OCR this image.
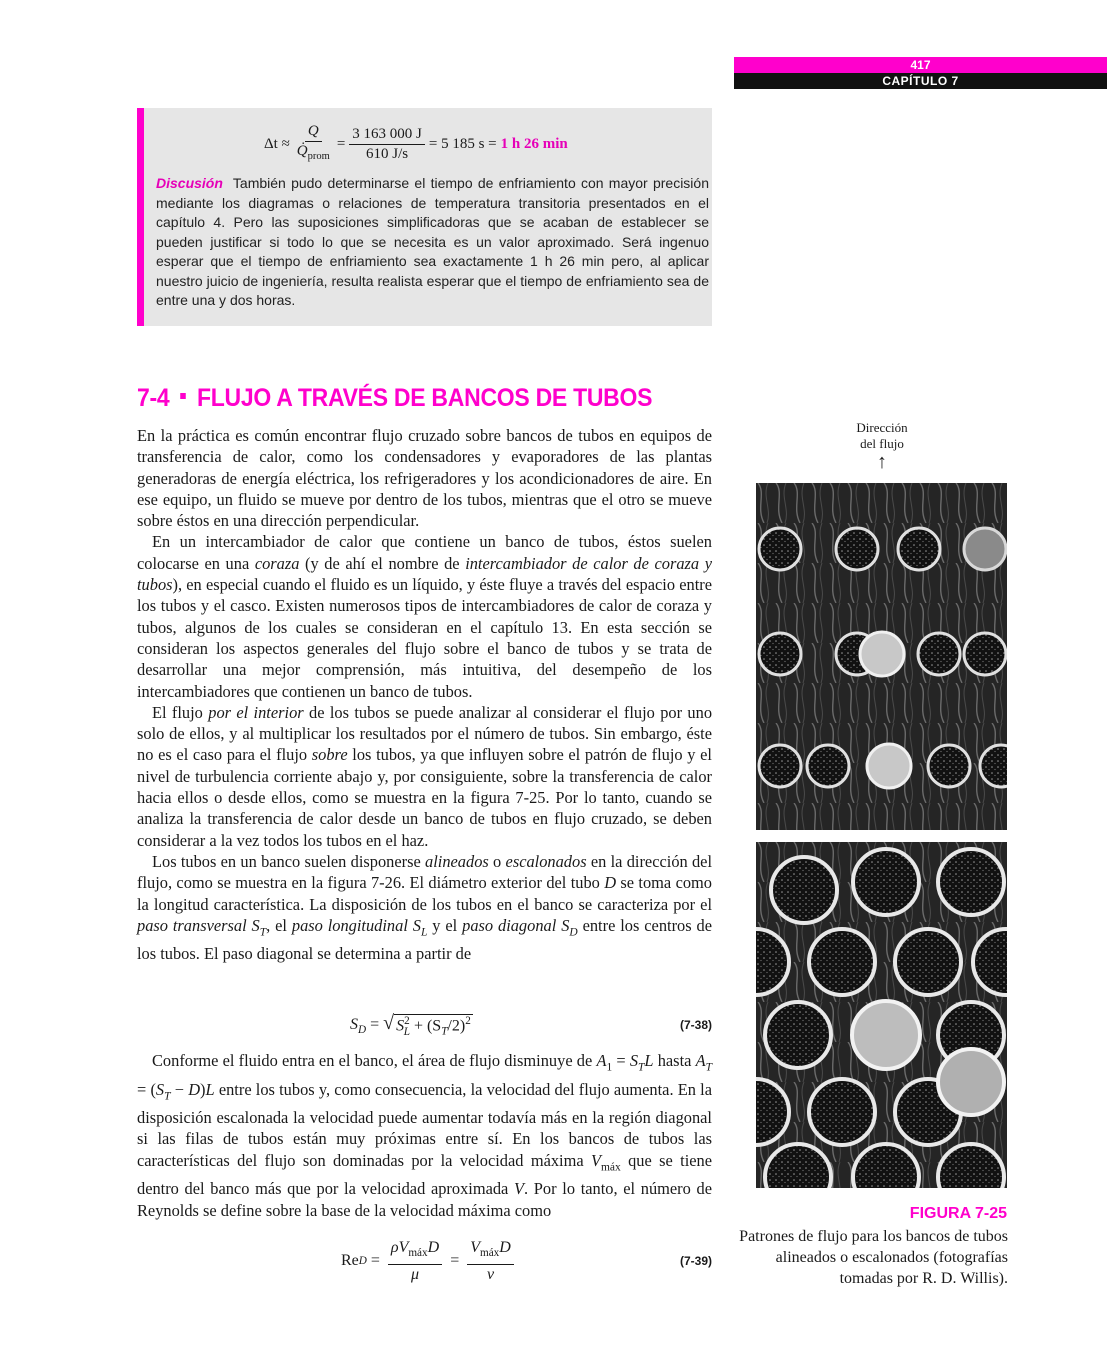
417
CAPÍTULO 7
$\Delta t \approx \frac{Q}{Q̇_{prom}} = \frac{3 163 000 J}{610 J/s} = 5$ 185 s = 1 h 26 min
Discusión También pudo determinarse el tiempo de enfriamiento con mayor precisión mediante los diagramas o relaciones de temperatura transitoria presentados en el capítulo 4. Pero las suposiciones simplificadoras que se acaban de establecer se pueden justificar si todo lo que se necesita es un valor aproximado. Será ingenuo esperar que el tiempo de enfriamiento sea exactamente 1 h 26 min pero, al aplicar nuestro juicio de ingeniería, resulta realista esperar que el tiempo de enfriamiento sea de entre una y dos horas.
7-4 FLUJO A TRAVÉS DE BANCOS DE TUBOS

En la práctica es común encontrar flujo cruzado sobre bancos de tubos en equipos de transferencia de calor, como los condensadores y evaporadores de las plantas generadoras de energía eléctrica, los refrigeradores y los acondicionadores de aire. En ese equipo, un fluido se mueve por dentro de los tubos, mientras que el otro se mueve sobre éstos en una dirección perpendicular.

En un intercambiador de calor que contiene un banco de tubos, éstos suelen colocarse en una coraza (y de ahí el nombre de intercambiador de calor de coraza y tubos), en especial cuando el fluido es un líquido, y éste fluye a través del espacio entre los tubos y el casco. Existen numerosos tipos de intercambiadores de calor de coraza y tubos, algunos de los cuales se consideran en el capítulo 13. En esta sección se consideran los aspectos generales del flujo sobre el banco de tubos y se trata de desarrollar una mejor comprensión, más intuitiva, del desempeño de los intercambiadores que contienen un banco de tubos.

El flujo por el interior de los tubos se puede analizar al considerar el flujo por uno solo de ellos, y al multiplicar los resultados por el número de tubos. Sin embargo, éste no es el caso para el flujo sobre los tubos, ya que influyen sobre el patrón de flujo y el nivel de turbulencia corriente abajo y, por consiguiente, sobre la transferencia de calor hacia ellos o desde ellos, como se muestra en la figura 7-25. Por lo tanto, cuando se analiza la transferencia de calor desde un banco de tubos en flujo cruzado, se deben considerar a la vez todos los tubos en el haz.

Los tubos en un banco suelen disponerse alineados o escalonados en la dirección del flujo, como se muestra en la figura 7-26. El diámetro exterior del tubo D se toma como la longitud característica. La disposición de los tubos en el banco se caracteriza por el paso transversal $S_T$, el paso longitudinal $S_L$ y el paso diagonal $S_D$ entre los centros de los tubos. El paso diagonal se determina a partir de

$S_D$ = √ $S^2_L + (S_T/2)^2$	(7-38)

Conforme el fluido entra en el banco, el área de flujo disminuye de $A_1 = S_TL$ hasta $A_T = (S_T - D)L$ entre los tubos y, como consecuencia, la velocidad del flujo aumenta. En la disposición escalonada la velocidad puede aumentar todavía más en la región diagonal si las filas de tubos están muy próximas entre sí. En los bancos de tubos las características del flujo son dominadas por la velocidad máxima $V_{máx}$ que se tiene dentro del banco más que por la velocidad aproximada V. Por lo tanto, el número de Reynolds se define sobre la base de la velocidad máxima como

Re $D = \frac{\rho V_{máx}D}{\mu} = \frac{V_{máx}D}{\nu}$	(7-39)
Dirección
del flujo
↑
FIGURA 7-25
Patrones de flujo para los bancos de tubos alineados o escalonados (fotografías tomadas por R. D. Willis).
